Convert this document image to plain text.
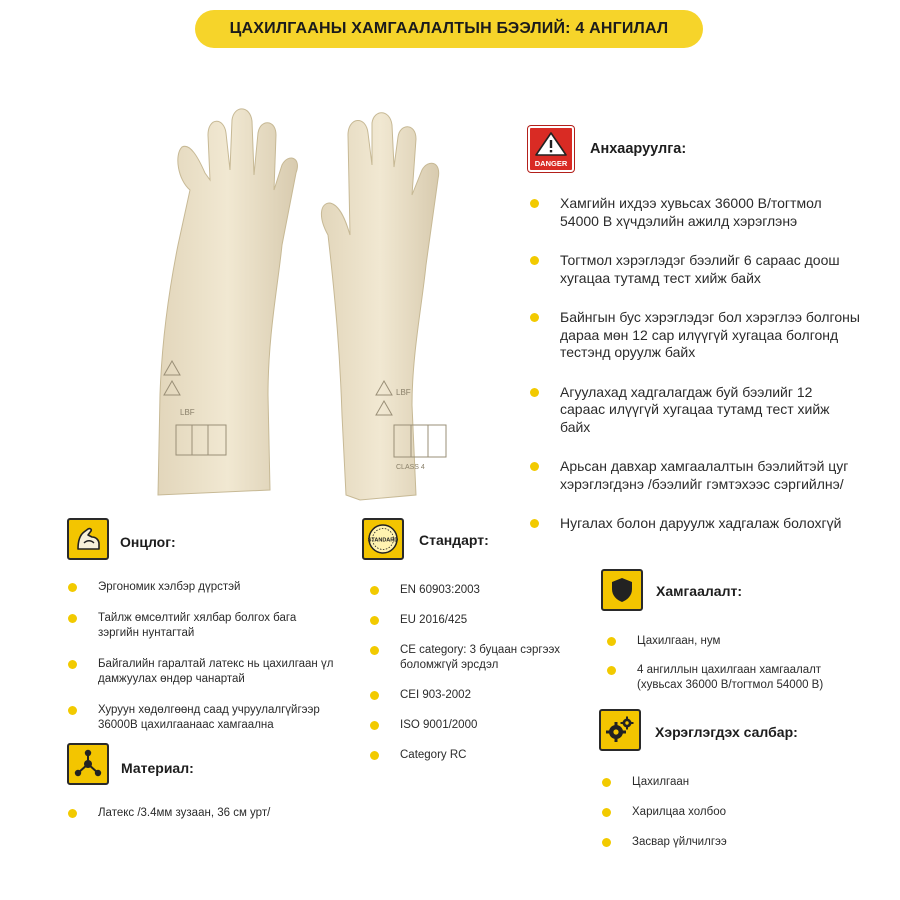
ЦАХИЛГААНЫ ХАМГААЛАЛТЫН БЭЭЛИЙ: 4 АНГИЛАЛ
LBF
LBF
CLASS 4
DANGER
Анхааруулга:
Хамгийн ихдээ хувьсах 36000 В/тогтмол 54000 В хүчдэлийн ажилд хэрэглэнэ
Тогтмол хэрэглэдэг бээлийг 6 сараас доош хугацаа тутамд тест хийж байх
Байнгын бус хэрэглэдэг бол хэрэглээ болгоны дараа мөн 12 сар илүүгүй хугацаа болгонд тестэнд оруулж байх
Агуулахад хадгалагдаж буй бээлийг 12 сараас илүүгүй хугацаа тутамд тест хийж байх
Арьсан давхар хамгаалалтын бээлийтэй цуг хэрэглэгдэнэ /бээлийг гэмтэхээс сэргийлнэ/
Нугалах болон даруулж хадгалаж болохгүй
Онцлог:
Эргономик хэлбэр дүрстэй
Тайлж өмсөлтийг хялбар болгох бага зэргийн нунтагтай
Байгалийн гаралтай латекс нь цахилгаан үл дамжуулах өндөр чанартай
Хуруун хөдөлгөөнд саад учруулалгүйгээр 36000В цахилгаанаас хамгаална
Материал:
Латекс /3.4мм зузаан, 36 см урт/
STANDARD Стандарт:
EN 60903:2003
EU 2016/425
CE category: 3 буцаан сэргээх боломжгүй эрсдэл
CEI 903-2002
ISO 9001/2000
Category RC
Хамгаалалт:
Цахилгаан, нум
4 ангиллын цахилгаан хамгаалалт (хувьсах 36000 В/тогтмол 54000 В)
Хэрэглэгдэх салбар:
Цахилгаан
Харилцаа холбоо
Засвар үйлчилгээ
